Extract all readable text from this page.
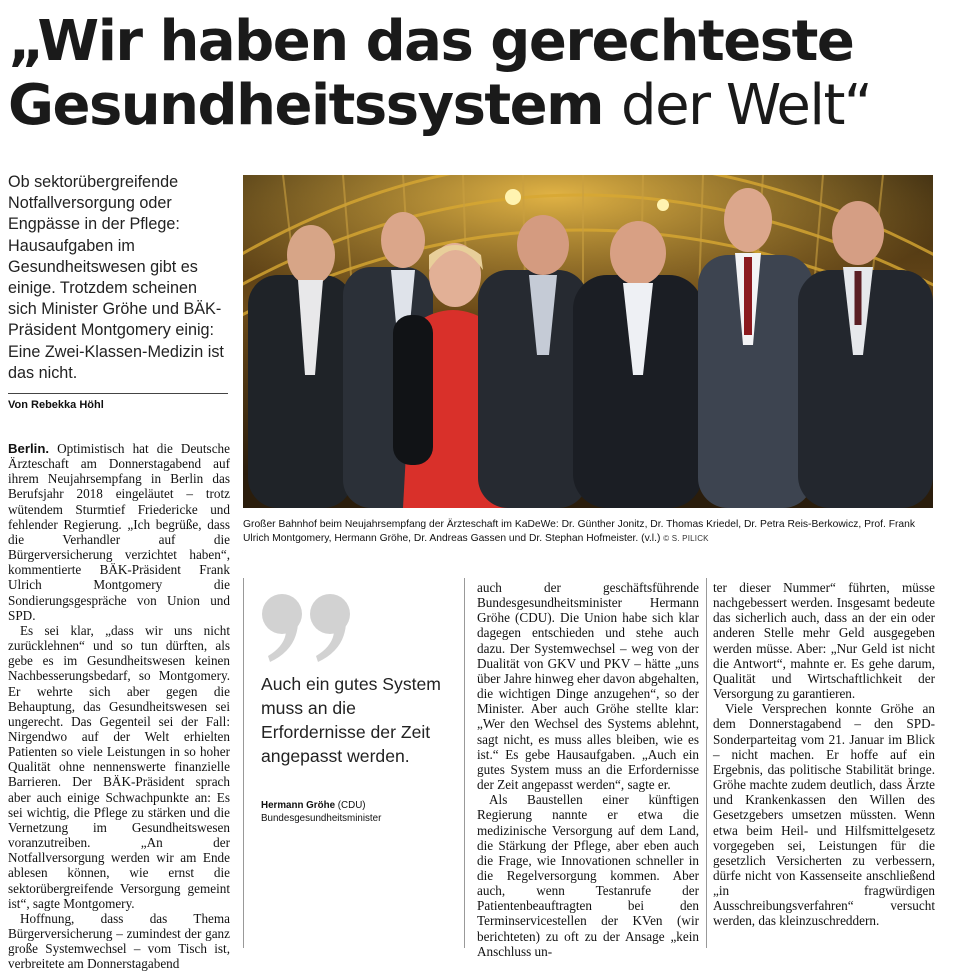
„Wir haben das gerechteste Gesundheitssystem der Welt“

Ob sektorübergreifende Notfallversorgung oder Engpässe in der Pflege: Hausaufgaben im Gesundheitswesen gibt es einige. Trotzdem scheinen sich Minister Gröhe und BÄK-Präsident Montgomery einig: Eine Zwei-Klassen-Medizin ist das nicht.

Von Rebekka Höhl
Großer Bahnhof beim Neujahrsempfang der Ärzteschaft im KaDeWe: Dr. Günther Jonitz, Dr. Thomas Kriedel, Dr. Petra Reis-Berkowicz, Prof. Frank Ulrich Montgomery, Hermann Gröhe, Dr. Andreas Gassen und Dr. Stephan Hofmeister. (v.l.) © S. PILICK
Auch ein gutes System muss an die Erfordernisse der Zeit angepasst werden.
Hermann Gröhe (CDU)
Bundesgesundheitsminister

Berlin. Optimistisch hat die Deutsche Ärzteschaft am Donnerstagabend auf ihrem Neujahrsempfang in Berlin das Berufsjahr 2018 eingeläutet – trotz wütendem Sturmtief Friedericke und fehlender Regierung. „Ich begrüße, dass die Verhandler auf die Bürgerversicherung verzichtet haben“, kommentierte BÄK-Präsident Frank Ulrich Montgomery die Sondierungsgespräche von Union und SPD.

Es sei klar, „dass wir uns nicht zurücklehnen“ und so tun dürften, als gebe es im Gesundheitswesen keinen Nachbesserungsbedarf, so Montgomery. Er wehrte sich aber gegen die Behauptung, das Gesundheitswesen sei ungerecht. Das Gegenteil sei der Fall: Nirgendwo auf der Welt erhielten Patienten so viele Leistungen in so hoher Qualität ohne nennenswerte finanzielle Barrieren. Der BÄK-Präsident sprach aber auch einige Schwachpunkte an: Es sei wichtig, die Pflege zu stärken und die Vernetzung im Gesundheitswesen voranzutreiben. „An der Notfallversorgung werden wir am Ende ablesen können, wie ernst die sektorübergreifende Versorgung gemeint ist“, sagte Montgomery.

Hoffnung, dass das Thema Bürgerversicherung – zumindest der ganz große Systemwechsel – vom Tisch ist, verbreitete am Donnerstagabend

auch der geschäftsführende Bundesgesundheitsminister Hermann Gröhe (CDU). Die Union habe sich klar dagegen entschieden und stehe auch dazu. Der Systemwechsel – weg von der Dualität von GKV und PKV – hätte „uns über Jahre hinweg eher davon abgehalten, die wichtigen Dinge anzugehen“, so der Minister. Aber auch Gröhe stellte klar: „Wer den Wechsel des Systems ablehnt, sagt nicht, es muss alles bleiben, wie es ist.“ Es gebe Hausaufgaben. „Auch ein gutes System muss an die Erfordernisse der Zeit angepasst werden“, sagte er.

Als Baustellen einer künftigen Regierung nannte er etwa die medizinische Versorgung auf dem Land, die Stärkung der Pflege, aber eben auch die Frage, wie Innovationen schneller in die Regelversorgung kommen. Aber auch, wenn Testanrufe der Patientenbeauftragten bei den Terminservicestellen der KVen (wir berichteten) zu oft zu der Ansage „kein Anschluss un-

ter dieser Nummer“ führten, müsse nachgebessert werden. Insgesamt bedeute das sicherlich auch, dass an der ein oder anderen Stelle mehr Geld ausgegeben werden müsse. Aber: „Nur Geld ist nicht die Antwort“, mahnte er. Es gehe darum, Qualität und Wirtschaftlichkeit der Versorgung zu garantieren.

Viele Versprechen konnte Gröhe an dem Donnerstagabend – den SPD-Sonderparteitag vom 21. Januar im Blick – nicht machen. Er hoffe auf ein Ergebnis, das politische Stabilität bringe. Gröhe machte zudem deutlich, dass Ärzte und Krankenkassen den Willen des Gesetzgebers umsetzen müssten. Wenn etwa beim Heil- und Hilfsmittelgesetz vorgegeben sei, Leistungen für die gesetzlich Versicherten zu verbessern, dürfe nicht von Kassenseite anschließend „in fragwürdigen Ausschreibungsverfahren“ versucht werden, das kleinzuschreddern.
